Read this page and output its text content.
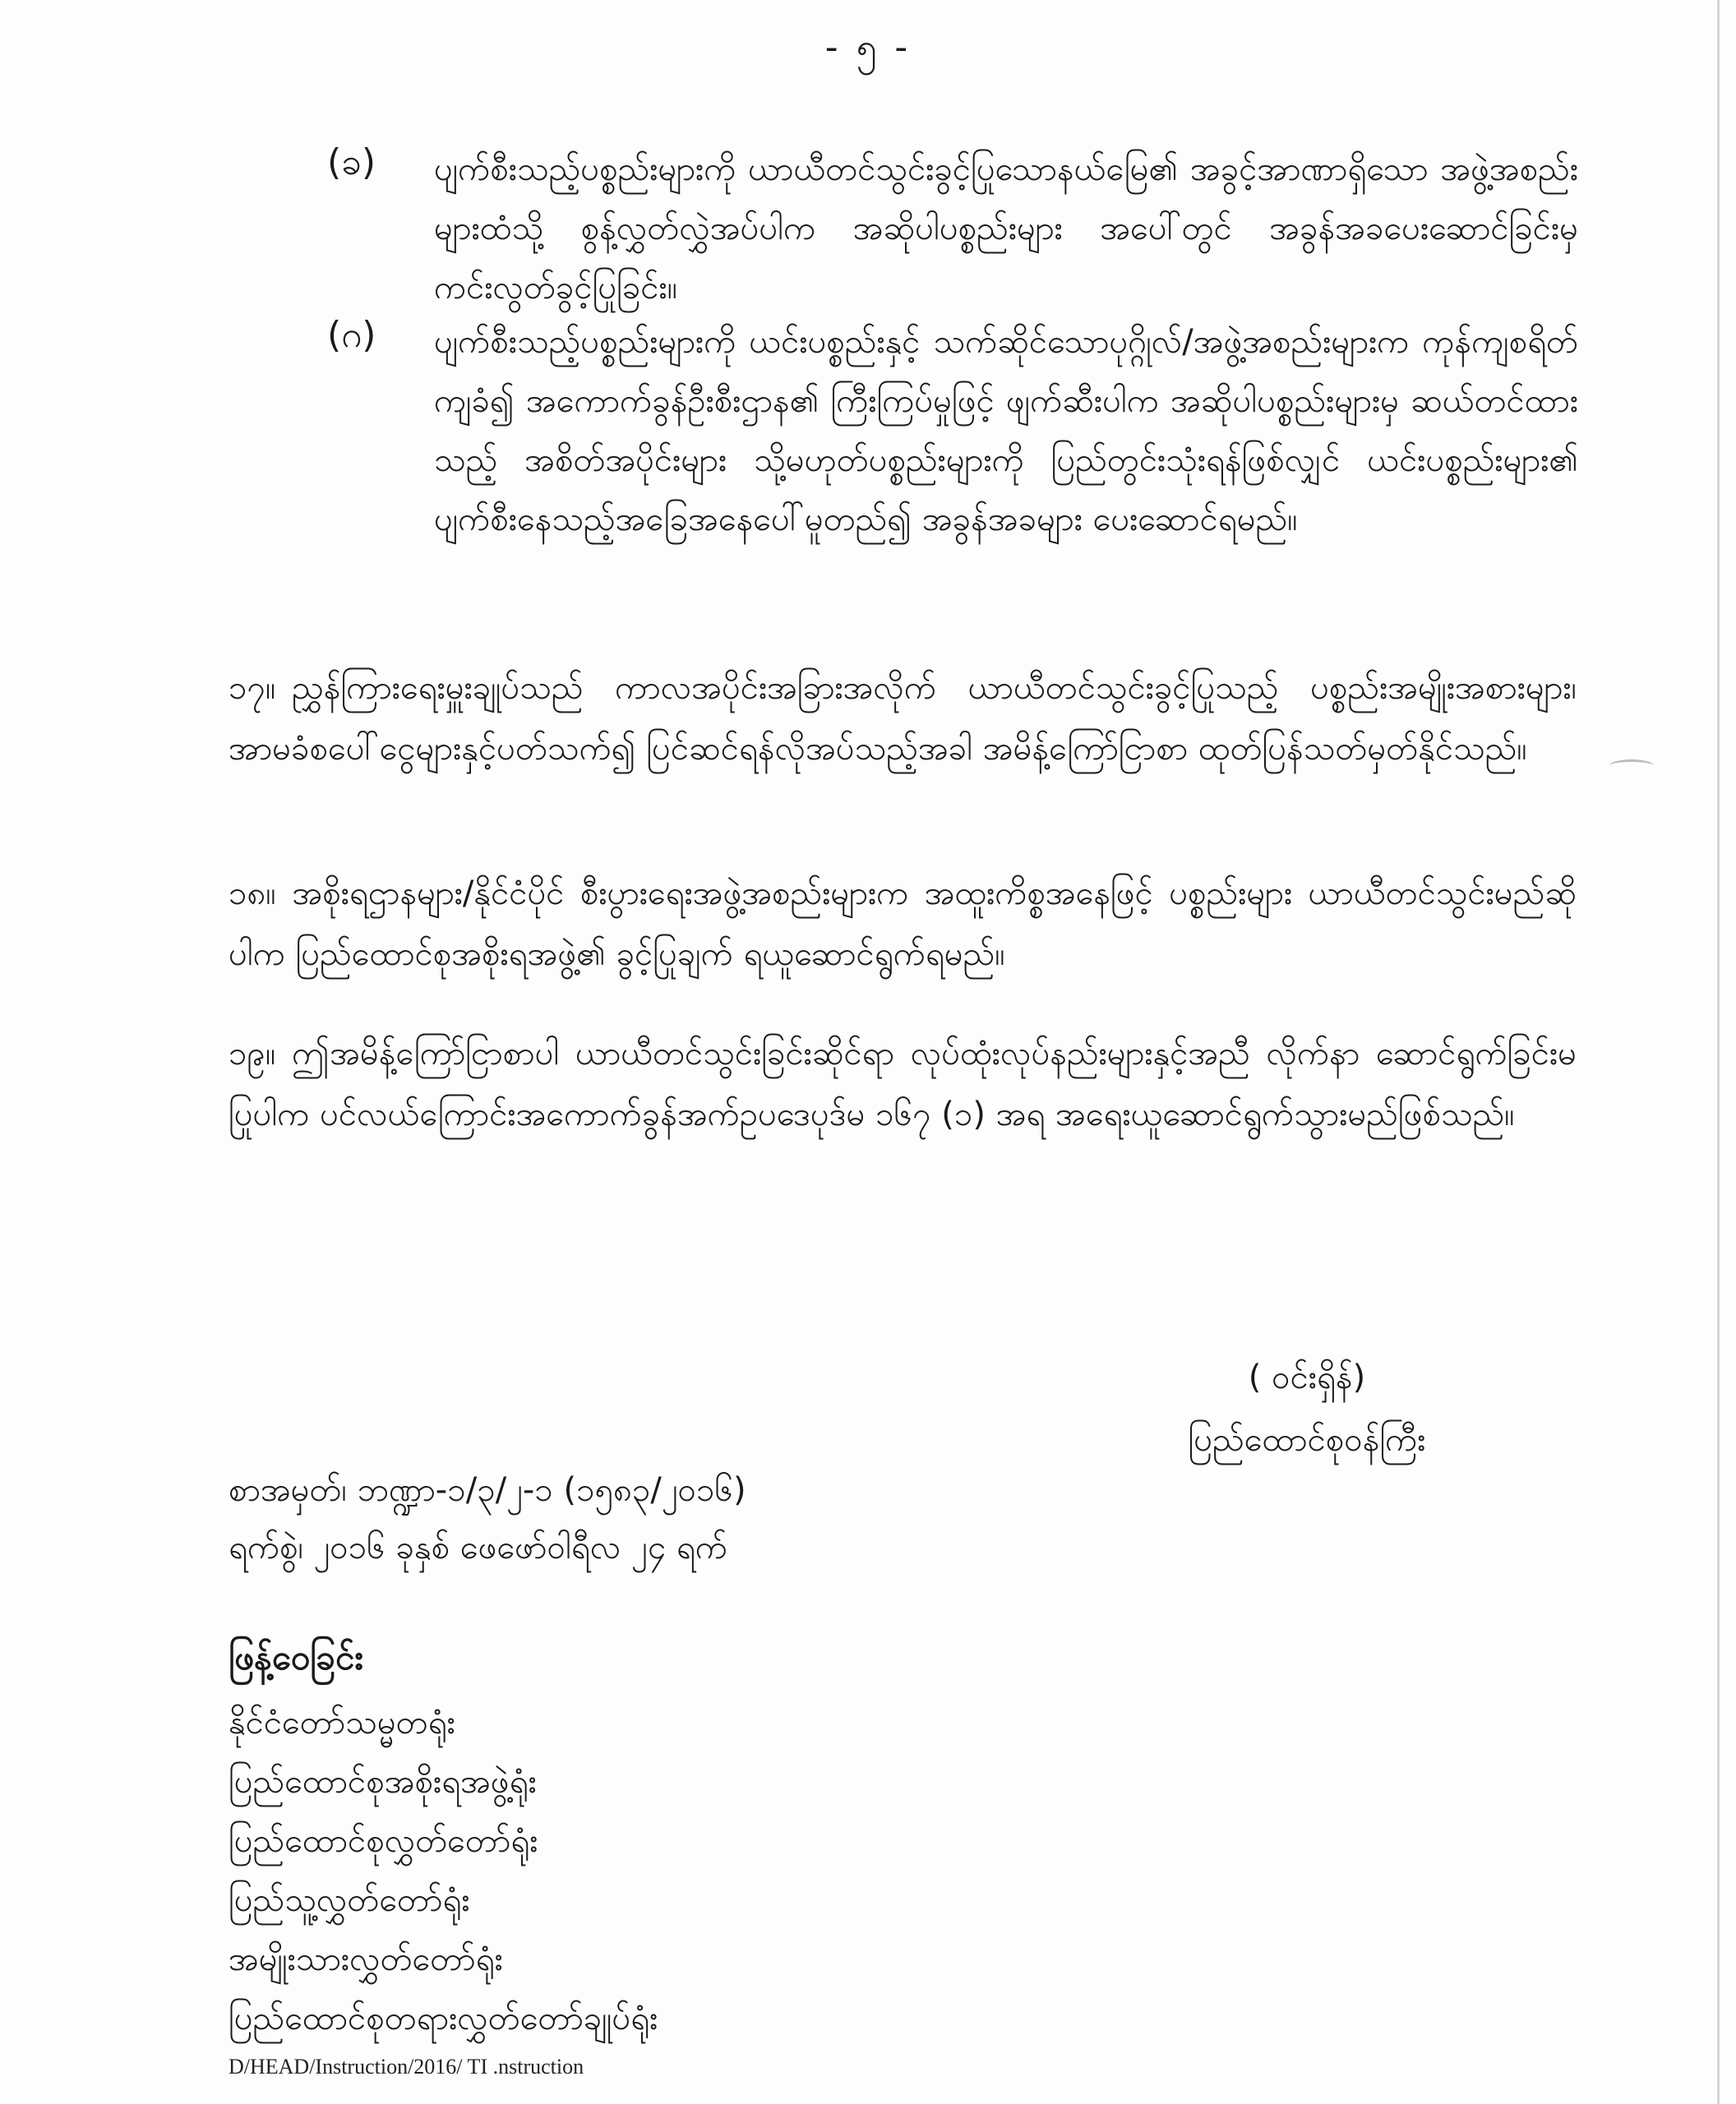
- ၅ -
(ခ) ပျက်စီးသည့်ပစ္စည်းများကို ယာယီတင်သွင်းခွင့်ပြုသောနယ်မြေ၏ အခွင့်အာဏာရှိသော အဖွဲ့အစည်းများထံသို့ စွန့်လွှတ်လွှဲအပ်ပါက အဆိုပါပစ္စည်းများ အပေါ်တွင် အခွန်အခပေးဆောင်ခြင်းမှ ကင်းလွတ်ခွင့်ပြုခြင်း။
(ဂ) ပျက်စီးသည့်ပစ္စည်းများကို ယင်းပစ္စည်းနှင့် သက်ဆိုင်သောပုဂ္ဂိုလ်/အဖွဲ့အစည်းများက ကုန်ကျစရိတ်ကျခံ၍ အကောက်ခွန်ဦးစီးဌာန၏ ကြီးကြပ်မှုဖြင့် ဖျက်ဆီးပါက အဆိုပါပစ္စည်းများမှ ဆယ်တင်ထားသည့် အစိတ်အပိုင်းများ သို့မဟုတ်ပစ္စည်းများကို ပြည်တွင်းသုံးရန်ဖြစ်လျှင် ယင်းပစ္စည်းများ၏ ပျက်စီးနေသည့်အခြေအနေပေါ်မူတည်၍ အခွန်အခများ ပေးဆောင်ရမည်။
၁၇။ ညွှန်ကြားရေးမှူးချုပ်သည် ကာလအပိုင်းအခြားအလိုက် ယာယီတင်သွင်းခွင့်ပြုသည့် ပစ္စည်းအမျိုးအစားများ၊ အာမခံစပေါ်ငွေများနှင့်ပတ်သက်၍ ပြင်ဆင်ရန်လိုအပ်သည့်အခါ အမိန့်ကြော်ငြာစာ ထုတ်ပြန်သတ်မှတ်နိုင်သည်။
၁၈။ အစိုးရဌာနများ/နိုင်ငံပိုင် စီးပွားရေးအဖွဲ့အစည်းများက အထူးကိစ္စအနေဖြင့် ပစ္စည်းများ ယာယီတင်သွင်းမည်ဆိုပါက ပြည်ထောင်စုအစိုးရအဖွဲ့၏ ခွင့်ပြုချက် ရယူဆောင်ရွက်ရမည်။
၁၉။ ဤအမိန့်ကြော်ငြာစာပါ ယာယီတင်သွင်းခြင်းဆိုင်ရာ လုပ်ထုံးလုပ်နည်းများနှင့်အညီ လိုက်နာ ဆောင်ရွက်ခြင်းမပြုပါက ပင်လယ်ကြောင်းအကောက်ခွန်အက်ဥပဒေပုဒ်မ ၁၆၇ (၁) အရ အရေးယူဆောင်ရွက်သွားမည်ဖြစ်သည်။
( ဝင်းရှိန်)
ပြည်ထောင်စုဝန်ကြီး
စာအမှတ်၊ ဘဏ္ဍာ-၁/၃/၂-၁ (၁၅၈၃/၂၀၁၆)
ရက်စွဲ၊ ၂၀၁၆ ခုနှစ် ဖေဖော်ဝါရီလ ၂၄ ရက်
ဖြန့်ဝေခြင်း
နိုင်ငံတော်သမ္မတရုံး
ပြည်ထောင်စုအစိုးရအဖွဲ့ရုံး
ပြည်ထောင်စုလွှတ်တော်ရုံး
ပြည်သူ့လွှတ်တော်ရုံး
အမျိုးသားလွှတ်တော်ရုံး
ပြည်ထောင်စုတရားလွှတ်တော်ချုပ်ရုံး
D/HEAD/Instruction/2016/ TI .nstruction
